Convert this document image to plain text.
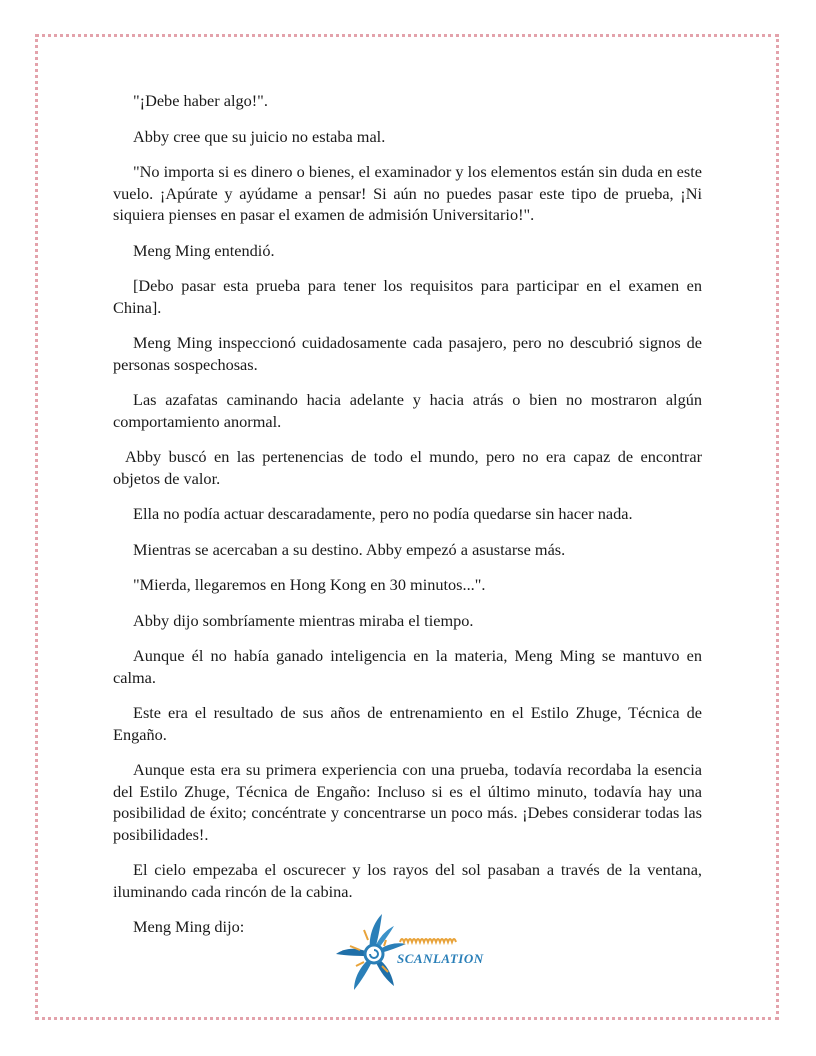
"¡Debe haber algo!".

Abby cree que su juicio no estaba mal.

"No importa si es dinero o bienes, el examinador y los elementos están sin duda en este vuelo. ¡Apúrate y ayúdame a pensar! Si aún no puedes pasar este tipo de prueba, ¡Ni siquiera pienses en pasar el examen de admisión Universitario!".

Meng Ming entendió.

[Debo pasar esta prueba para tener los requisitos para participar en el examen en China].

Meng Ming inspeccionó cuidadosamente cada pasajero, pero no descubrió signos de personas sospechosas.

Las azafatas caminando hacia adelante y hacia atrás o bien no mostraron algún comportamiento anormal.

Abby buscó en las pertenencias de todo el mundo, pero no era capaz de encontrar objetos de valor.

Ella no podía actuar descaradamente, pero no podía quedarse sin hacer nada.

Mientras se acercaban a su destino. Abby empezó a asustarse más.

"Mierda, llegaremos en Hong Kong en 30 minutos...".

Abby dijo sombríamente mientras miraba el tiempo.

Aunque él no había ganado inteligencia en la materia, Meng Ming se mantuvo en calma.

Este era el resultado de sus años de entrenamiento en el Estilo Zhuge, Técnica de Engaño.

Aunque esta era su primera experiencia con una prueba, todavía recordaba la esencia del Estilo Zhuge, Técnica de Engaño: Incluso si es el último minuto, todavía hay una posibilidad de éxito; concéntrate y concentrarse un poco más. ¡Debes considerar todas las posibilidades!.

El cielo empezaba el oscurecer y los rayos del sol pasaban a través de la ventana, iluminando cada rincón de la cabina.

Meng Ming dijo:

SCANLATION
